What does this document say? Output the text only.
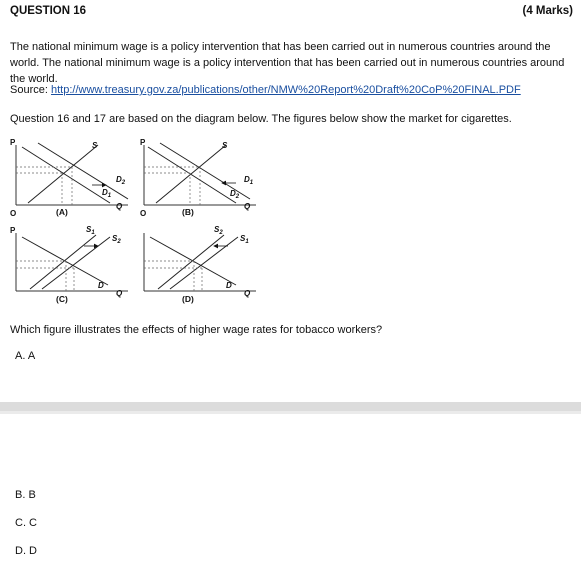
QUESTION 16	(4 Marks)
The national minimum wage is a policy intervention that has been carried out in numerous countries around the world. The national minimum wage is a policy intervention that has been carried out in numerous countries around the world.
Source: http://www.treasury.gov.za/publications/other/NMW%20Report%20Draft%20CoP%20FINAL.PDF
Question 16 and 17 are based on the diagram below. The figures below show the market for cigarettes.
P	S
$D_2$
$D_1$
Q
O	(A)
P	S
$D_1$
$D_2$
Q
O	(B)
P	$S_1$
$S_2$
D
Q
(C)
$S_2$
$S_1$
D
Q
(D)
Which figure illustrates the effects of higher wage rates for tobacco workers?
A. A
B. B
C. C
D. D
